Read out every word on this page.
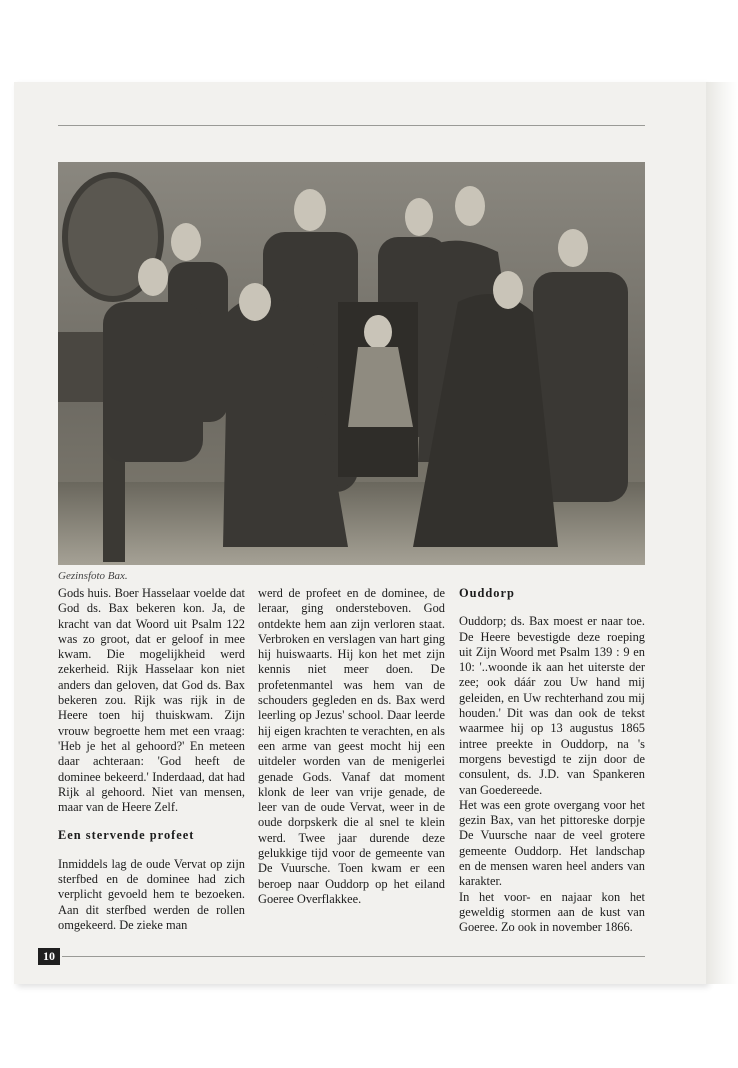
Gezinsfoto Bax.

Gods huis. Boer Hasselaar voelde dat God ds. Bax bekeren kon. Ja, de kracht van dat Woord uit Psalm 122 was zo groot, dat er geloof in mee kwam. Die mogelijkheid werd zekerheid. Rijk Hasselaar kon niet anders dan geloven, dat God ds. Bax bekeren zou. Rijk was rijk in de Heere toen hij thuiskwam. Zijn vrouw begroette hem met een vraag: 'Heb je het al gehoord?' En meteen daar achteraan: 'God heeft de dominee bekeerd.' Inderdaad, dat had Rijk al gehoord. Niet van mensen, maar van de Heere Zelf.

Een stervende profeet

Inmiddels lag de oude Vervat op zijn sterfbed en de dominee had zich verplicht gevoeld hem te bezoeken. Aan dit sterfbed werden de rollen omgekeerd. De zieke man

werd de profeet en de dominee, de leraar, ging ondersteboven. God ontdekte hem aan zijn verloren staat. Verbroken en verslagen van hart ging hij huiswaarts. Hij kon het met zijn kennis niet meer doen. De profetenmantel was hem van de schouders gegleden en ds. Bax werd leerling op Jezus' school. Daar leerde hij eigen krachten te verachten, en als een arme van geest mocht hij een uitdeler worden van de menigerlei genade Gods. Vanaf dat moment klonk de leer van vrije genade, de leer van de oude Vervat, weer in de oude dorpskerk die al snel te klein werd. Twee jaar durende deze gelukkige tijd voor de gemeente van De Vuursche. Toen kwam er een beroep naar Ouddorp op het eiland Goeree Overflakkee.

Ouddorp

Ouddorp; ds. Bax moest er naar toe. De Heere bevestigde deze roeping uit Zijn Woord met Psalm 139 : 9 en 10: '..woonde ik aan het uiterste der zee; ook dáár zou Uw hand mij geleiden, en Uw rechterhand zou mij houden.' Dit was dan ook de tekst waarmee hij op 13 augustus 1865 intree preekte in Ouddorp, na 's morgens bevestigd te zijn door de consulent, ds. J.D. van Spankeren van Goedereede.

Het was een grote overgang voor het gezin Bax, van het pittoreske dorpje De Vuursche naar de veel grotere gemeente Ouddorp. Het landschap en de mensen waren heel anders van karakter.

In het voor- en najaar kon het geweldig stormen aan de kust van Goeree. Zo ook in november 1866.

10
